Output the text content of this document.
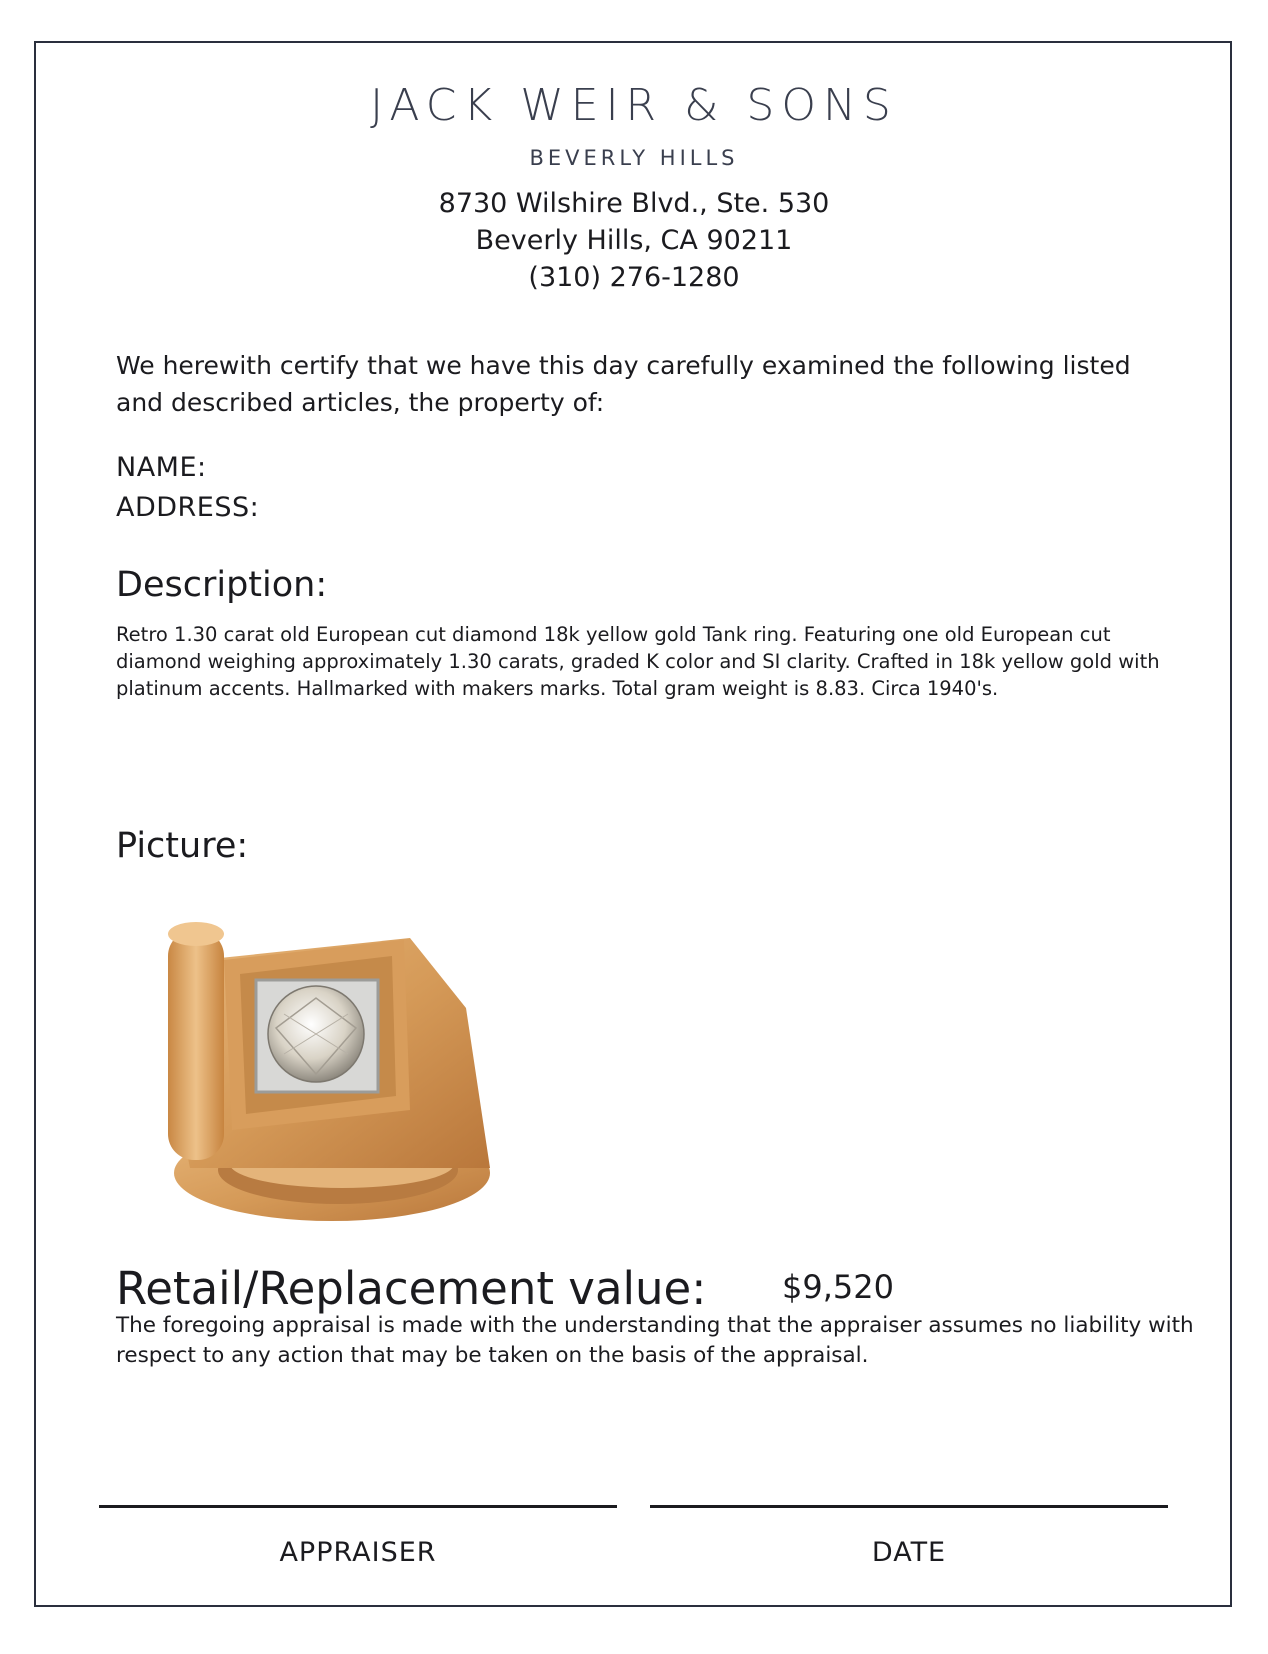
JACK WEIR & SONS
BEVERLY HILLS
8730 Wilshire Blvd., Ste. 530
Beverly Hills, CA 90211
(310) 276-1280
We herewith certify that we have this day carefully examined the following listed and described articles, the property of:
NAME:
ADDRESS:
Description:
Retro 1.30 carat old European cut diamond 18k yellow gold Tank ring. Featuring one old European cut diamond weighing approximately 1.30 carats, graded K color and SI clarity. Crafted in 18k yellow gold with platinum accents. Hallmarked with makers marks. Total gram weight is 8.83. Circa 1940's.
Picture:
Retail/Replacement value: $9,520
The foregoing appraisal is made with the understanding that the appraiser assumes no liability with respect to any action that may be taken on the basis of the appraisal.
APPRAISER	DATE
